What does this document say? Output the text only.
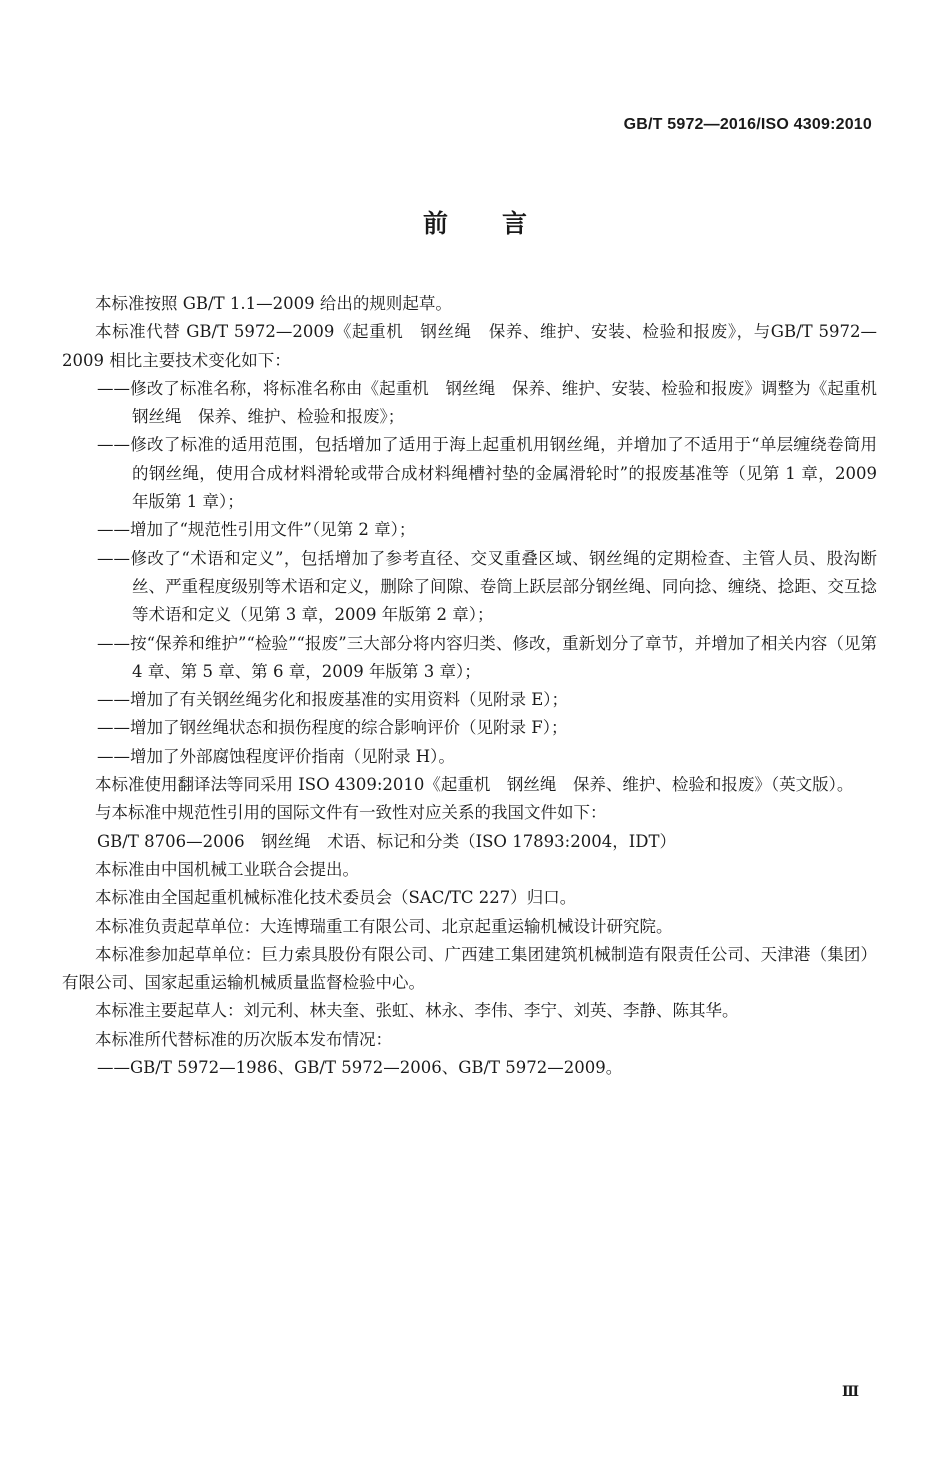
GB/T 5972—2016/ISO 4309:2010
前言

本标准按照 GB/T 1.1—2009 给出的规则起草。

本标准代替 GB/T 5972—2009《起重机　钢丝绳　保养、维护、安装、检验和报废》，与GB/T 5972—2009 相比主要技术变化如下：

——修改了标准名称，将标准名称由《起重机　钢丝绳　保养、维护、安装、检验和报废》调整为《起重机　钢丝绳　保养、维护、检验和报废》；

——修改了标准的适用范围，包括增加了适用于海上起重机用钢丝绳，并增加了不适用于“单层缠绕卷筒用的钢丝绳，使用合成材料滑轮或带合成材料绳槽衬垫的金属滑轮时”的报废基准等（见第 1 章，2009 年版第 1 章）；

——增加了“规范性引用文件”（见第 2 章）；

——修改了“术语和定义”，包括增加了参考直径、交叉重叠区域、钢丝绳的定期检查、主管人员、股沟断丝、严重程度级别等术语和定义，删除了间隙、卷筒上跃层部分钢丝绳、同向捻、缠绕、捻距、交互捻等术语和定义（见第 3 章，2009 年版第 2 章）；

——按“保养和维护”“检验”“报废”三大部分将内容归类、修改，重新划分了章节，并增加了相关内容（见第 4 章、第 5 章、第 6 章，2009 年版第 3 章）；

——增加了有关钢丝绳劣化和报废基准的实用资料（见附录 E）；

——增加了钢丝绳状态和损伤程度的综合影响评价（见附录 F）；

——增加了外部腐蚀程度评价指南（见附录 H）。

本标准使用翻译法等同采用 ISO 4309:2010《起重机　钢丝绳　保养、维护、检验和报废》（英文版）。

与本标准中规范性引用的国际文件有一致性对应关系的我国文件如下：

GB/T 8706—2006　钢丝绳　术语、标记和分类（ISO 17893:2004，IDT）

本标准由中国机械工业联合会提出。

本标准由全国起重机械标准化技术委员会（SAC/TC 227）归口。

本标准负责起草单位：大连博瑞重工有限公司、北京起重运输机械设计研究院。

本标准参加起草单位：巨力索具股份有限公司、广西建工集团建筑机械制造有限责任公司、天津港（集团）有限公司、国家起重运输机械质量监督检验中心。

本标准主要起草人：刘元利、林夫奎、张虹、林永、李伟、李宁、刘英、李静、陈其华。

本标准所代替标准的历次版本发布情况：

——GB/T 5972—1986、GB/T 5972—2006、GB/T 5972—2009。

Ⅲ
